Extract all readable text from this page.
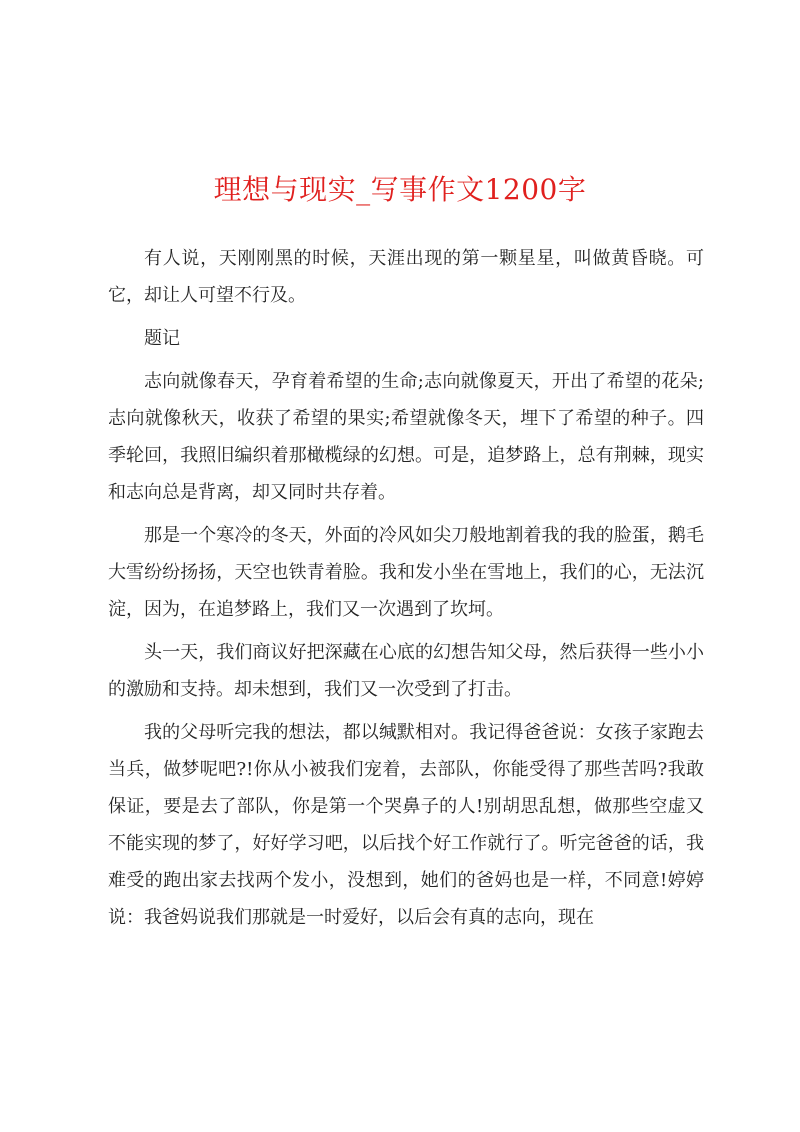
理想与现实_写事作文1200字

有人说，天刚刚黑的时候，天涯出现的第一颗星星，叫做黄昏晓。可它，却让人可望不行及。

题记

志向就像春天，孕育着希望的生命;志向就像夏天，开出了希望的花朵;志向就像秋天，收获了希望的果实;希望就像冬天，埋下了希望的种子。四季轮回，我照旧编织着那橄榄绿的幻想。可是，追梦路上，总有荆棘，现实和志向总是背离，却又同时共存着。

那是一个寒冷的冬天，外面的冷风如尖刀般地割着我的我的脸蛋，鹅毛大雪纷纷扬扬，天空也铁青着脸。我和发小坐在雪地上，我们的心，无法沉淀，因为，在追梦路上，我们又一次遇到了坎坷。

头一天，我们商议好把深藏在心底的幻想告知父母，然后获得一些小小的激励和支持。却未想到，我们又一次受到了打击。

我的父母听完我的想法，都以缄默相对。我记得爸爸说：女孩子家跑去当兵，做梦呢吧?!你从小被我们宠着，去部队，你能受得了那些苦吗?我敢保证，要是去了部队，你是第一个哭鼻子的人!别胡思乱想，做那些空虚又不能实现的梦了，好好学习吧，以后找个好工作就行了。听完爸爸的话，我难受的跑出家去找两个发小，没想到，她们的爸妈也是一样，不同意!婷婷说：我爸妈说我们那就是一时爱好，以后会有真的志向，现在
